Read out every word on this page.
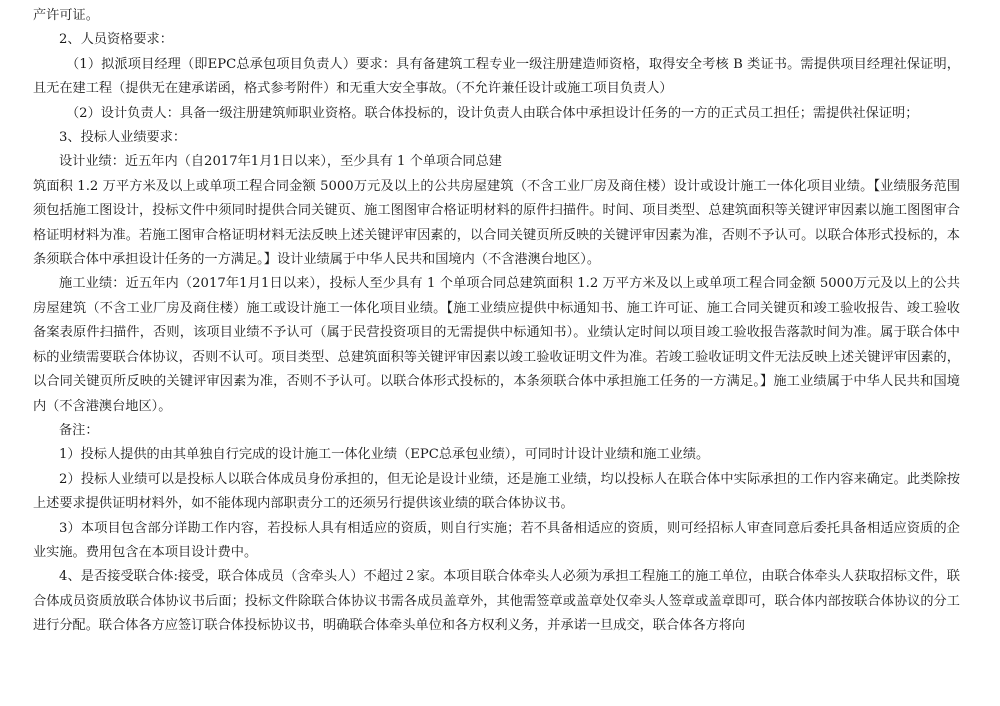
产许可证。

2、人员资格要求：

（1）拟派项目经理（即EPC总承包项目负责人）要求：具有备建筑工程专业一级注册建造师资格，取得安全考核 B 类证书。需提供项目经理社保证明，且无在建工程（提供无在建承诺函，格式参考附件）和无重大安全事故。（不允许兼任设计或施工项目负责人）

（2）设计负责人：具备一级注册建筑师职业资格。联合体投标的，设计负责人由联合体中承担设计任务的一方的正式员工担任；需提供社保证明；

3、投标人业绩要求：

设计业绩：近五年内（自2017年1月1日以来），至少具有 1 个单项合同总建

筑面积 1.2 万平方米及以上或单项工程合同金额 5000万元及以上的公共房屋建筑（不含工业厂房及商住楼）设计或设计施工一体化项目业绩。【业绩服务范围须包括施工图设计，投标文件中须同时提供合同关键页、施工图图审合格证明材料的原件扫描件。时间、项目类型、总建筑面积等关键评审因素以施工图图审合格证明材料为准。若施工图审合格证明材料无法反映上述关键评审因素的，以合同关键页所反映的关键评审因素为准，否则不予认可。以联合体形式投标的，本条须联合体中承担设计任务的一方满足。】设计业绩属于中华人民共和国境内（不含港澳台地区）。

施工业绩：近五年内（2017年1月1日以来），投标人至少具有 1 个单项合同总建筑面积 1.2 万平方米及以上或单项工程合同金额 5000万元及以上的公共房屋建筑（不含工业厂房及商住楼）施工或设计施工一体化项目业绩。【施工业绩应提供中标通知书、施工许可证、施工合同关键页和竣工验收报告、竣工验收备案表原件扫描件，否则，该项目业绩不予认可（属于民营投资项目的无需提供中标通知书）。业绩认定时间以项目竣工验收报告落款时间为准。属于联合体中标的业绩需要联合体协议，否则不认可。项目类型、总建筑面积等关键评审因素以竣工验收证明文件为准。若竣工验收证明文件无法反映上述关键评审因素的，以合同关键页所反映的关键评审因素为准，否则不予认可。以联合体形式投标的，本条须联合体中承担施工任务的一方满足。】施工业绩属于中华人民共和国境内（不含港澳台地区）。

备注：

1）投标人提供的由其单独自行完成的设计施工一体化业绩（EPC总承包业绩），可同时计设计业绩和施工业绩。

2）投标人业绩可以是投标人以联合体成员身份承担的，但无论是设计业绩，还是施工业绩，均以投标人在联合体中实际承担的工作内容来确定。此类除按上述要求提供证明材料外，如不能体现内部职责分工的还须另行提供该业绩的联合体协议书。

3）本项目包含部分详勘工作内容，若投标人具有相适应的资质，则自行实施；若不具备相适应的资质，则可经招标人审查同意后委托具备相适应资质的企业实施。费用包含在本项目设计费中。

4、是否接受联合体:接受，联合体成员（含牵头人）不超过２家。本项目联合体牵头人必须为承担工程施工的施工单位，由联合体牵头人获取招标文件，联合体成员资质放联合体协议书后面；投标文件除联合体协议书需各成员盖章外，其他需签章或盖章处仅牵头人签章或盖章即可，联合体内部按联合体协议的分工进行分配。联合体各方应签订联合体投标协议书，明确联合体牵头单位和各方权利义务，并承诺一旦成交，联合体各方将向
